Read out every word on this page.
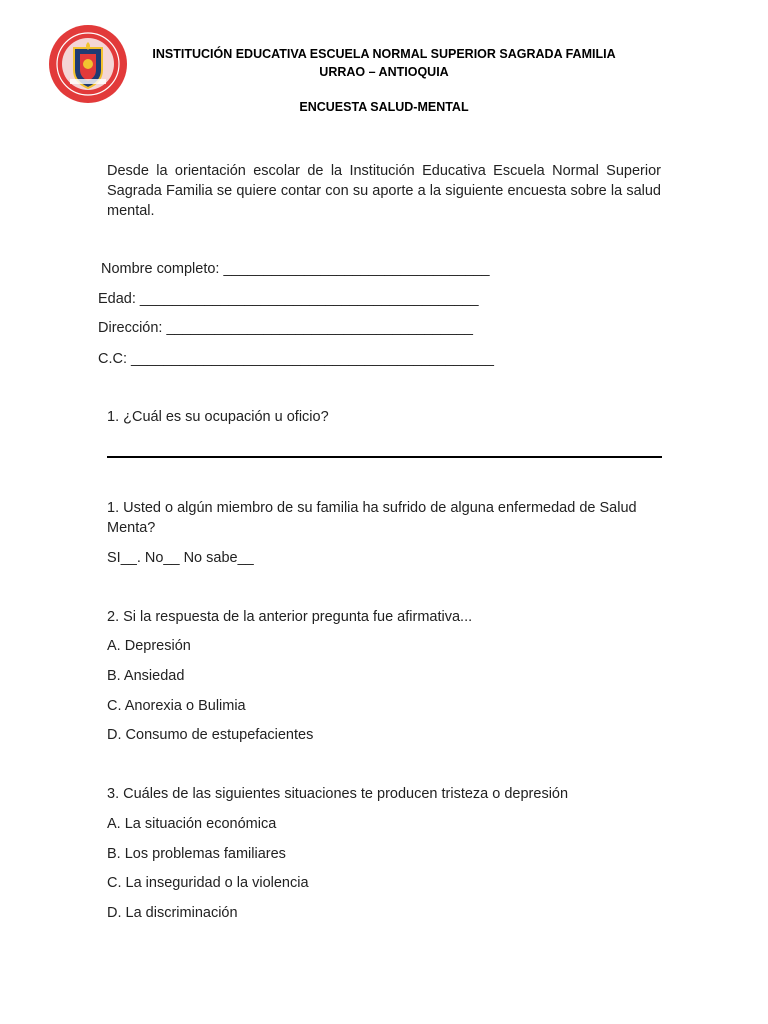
INSTITUCIÓN EDUCATIVA ESCUELA NORMAL SUPERIOR SAGRADA FAMILIA
URRAO – ANTIOQUIA
ENCUESTA SALUD-MENTAL
Desde la orientación escolar de la Institución Educativa Escuela Normal Superior Sagrada Familia se quiere contar con su aporte a la siguiente encuesta sobre la salud mental.
Nombre completo: _________________________________
Edad: __________________________________________
Dirección: ______________________________________
C.C: _____________________________________________
1. ¿Cuál es su ocupación u oficio?
1. Usted o algún miembro de su familia ha sufrido de alguna enfermedad de Salud
Menta?
SI__. No__ No sabe__
2. Si la respuesta de la anterior pregunta fue afirmativa...
A. Depresión
B. Ansiedad
C. Anorexia o Bulimia
D. Consumo de estupefacientes
3. Cuáles de las siguientes situaciones te producen tristeza o depresión
A. La situación económica
B. Los problemas familiares
C. La inseguridad o la violencia
D. La discriminación
